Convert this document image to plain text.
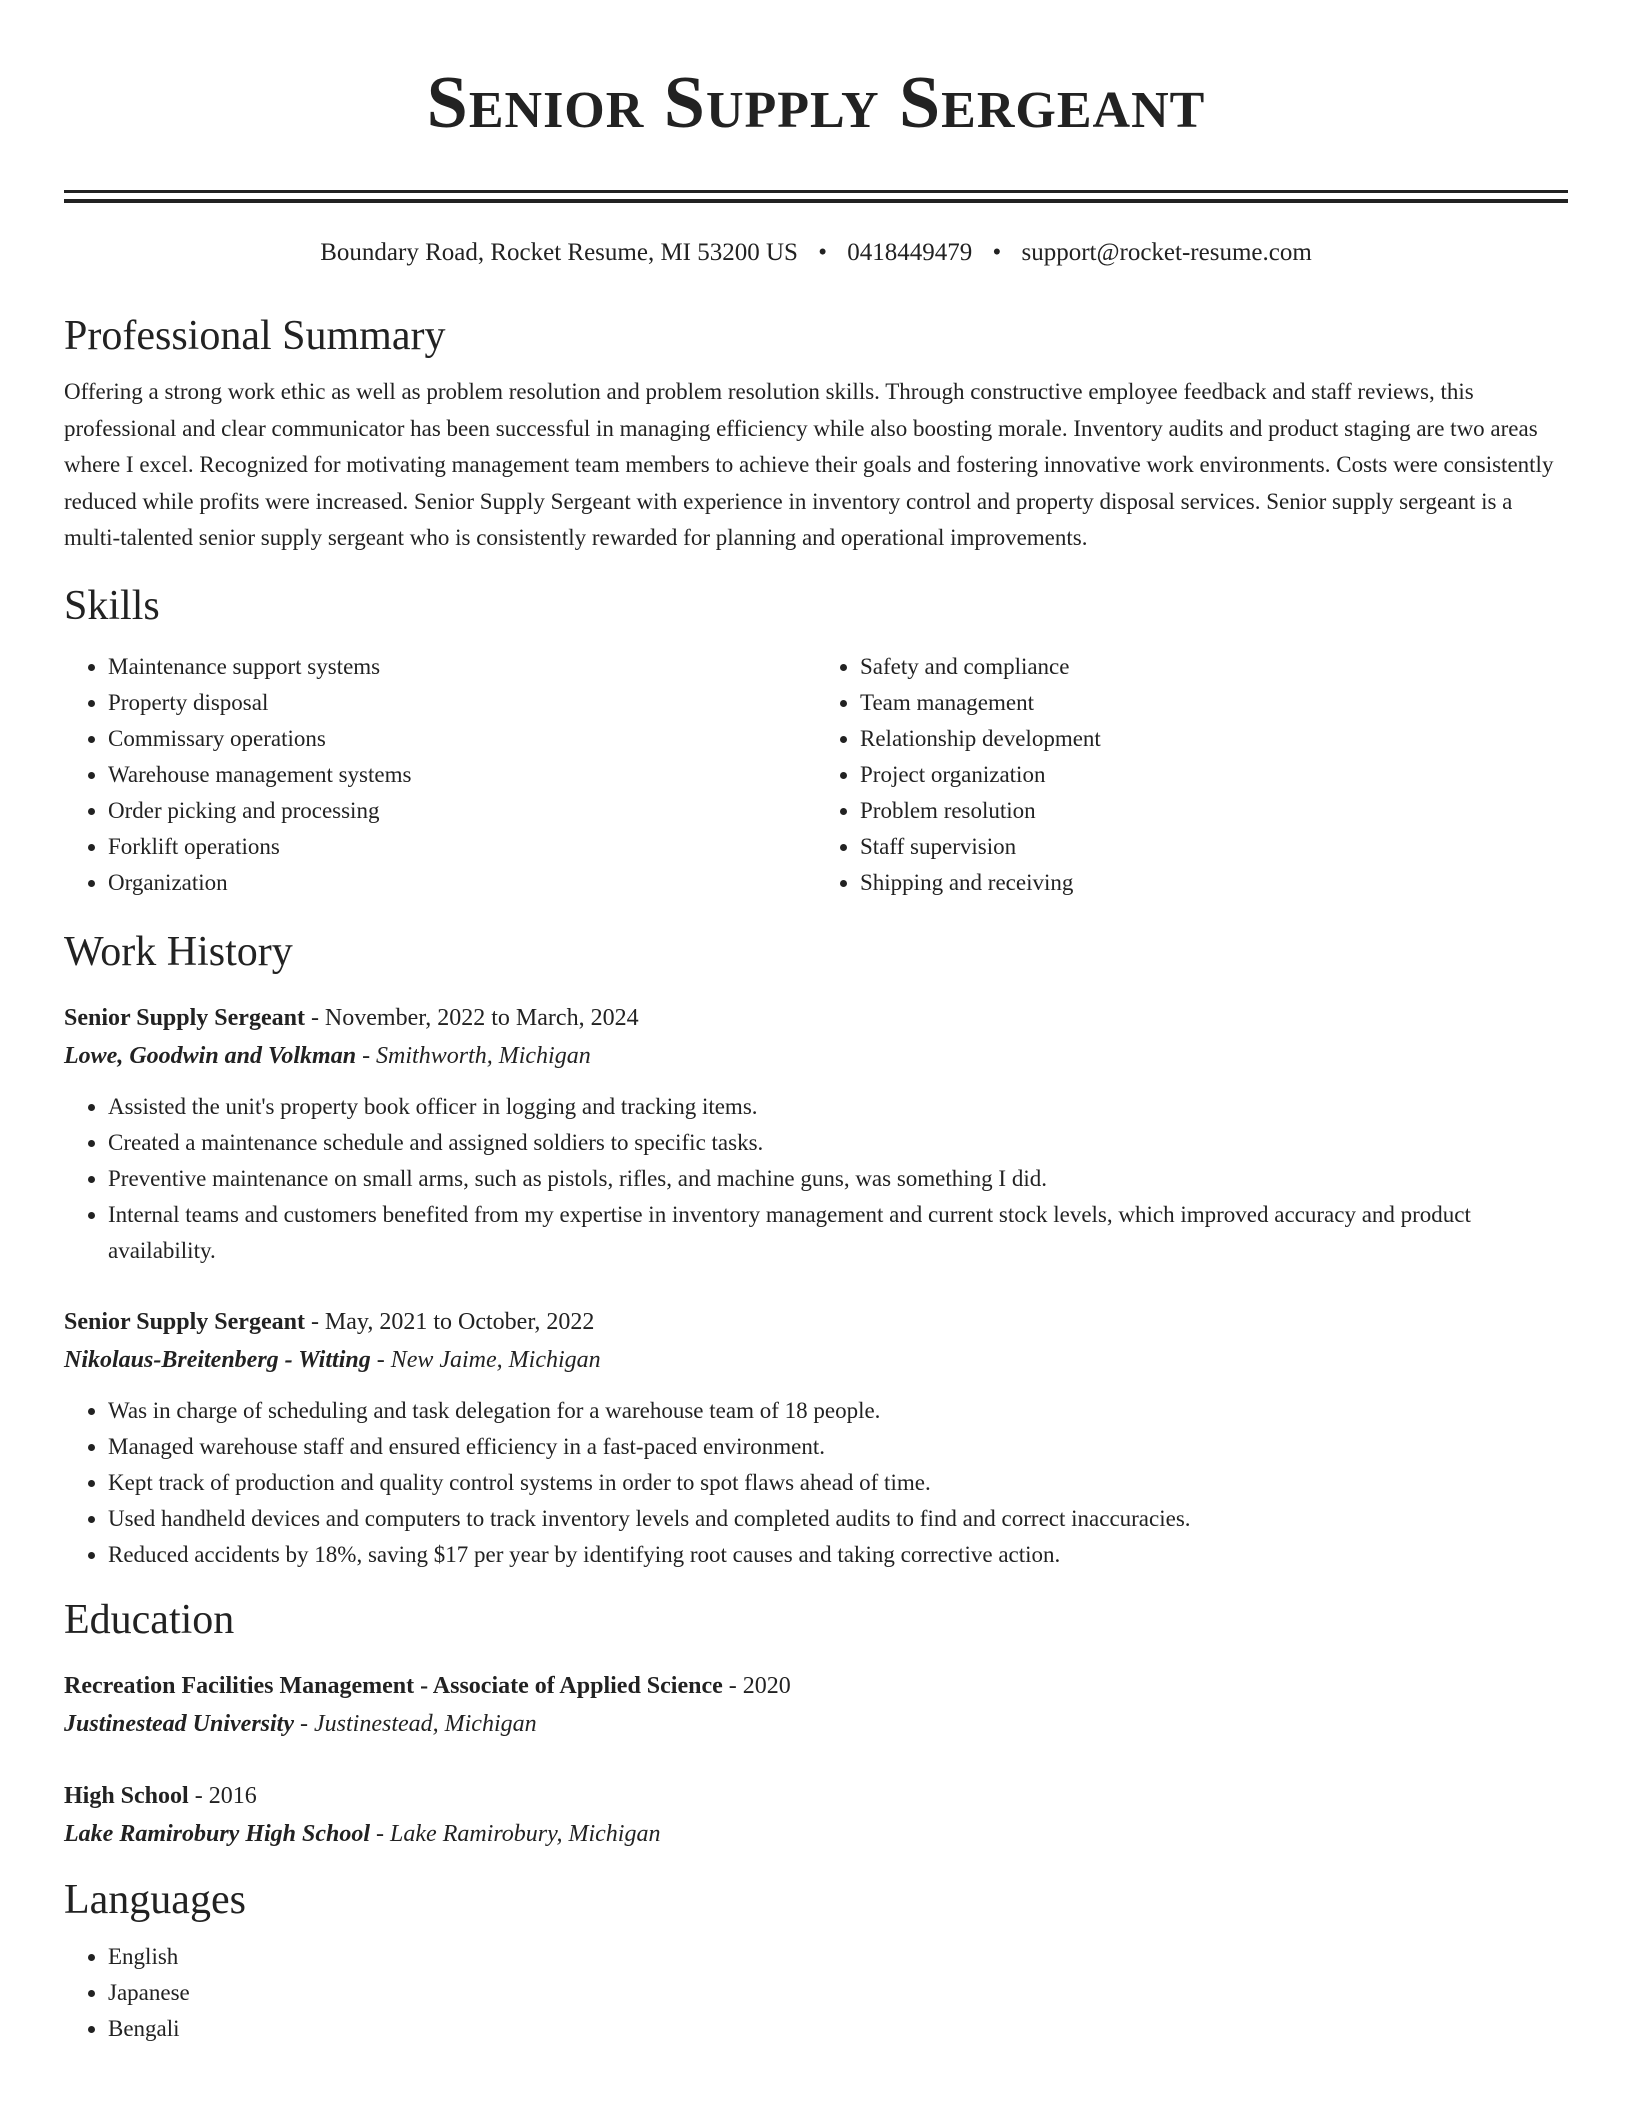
Senior Supply Sergeant
Boundary Road, Rocket Resume, MI 53200 US • 0418449479 • support@rocket-resume.com
Professional Summary
Offering a strong work ethic as well as problem resolution and problem resolution skills. Through constructive employee feedback and staff reviews, this professional and clear communicator has been successful in managing efficiency while also boosting morale. Inventory audits and product staging are two areas where I excel. Recognized for motivating management team members to achieve their goals and fostering innovative work environments. Costs were consistently reduced while profits were increased. Senior Supply Sergeant with experience in inventory control and property disposal services. Senior supply sergeant is a multi-talented senior supply sergeant who is consistently rewarded for planning and operational improvements.
Skills
• Maintenance support systems
• Property disposal
• Commissary operations
• Warehouse management systems
• Order picking and processing
• Forklift operations
• Organization
• Safety and compliance
• Team management
• Relationship development
• Project organization
• Problem resolution
• Staff supervision
• Shipping and receiving
Work History
Senior Supply Sergeant - November, 2022 to March, 2024
Lowe, Goodwin and Volkman - Smithworth, Michigan
• Assisted the unit's property book officer in logging and tracking items.
• Created a maintenance schedule and assigned soldiers to specific tasks.
• Preventive maintenance on small arms, such as pistols, rifles, and machine guns, was something I did.
• Internal teams and customers benefited from my expertise in inventory management and current stock levels, which improved accuracy and product availability.
Senior Supply Sergeant - May, 2021 to October, 2022
Nikolaus-Breitenberg - Witting - New Jaime, Michigan
• Was in charge of scheduling and task delegation for a warehouse team of 18 people.
• Managed warehouse staff and ensured efficiency in a fast-paced environment.
• Kept track of production and quality control systems in order to spot flaws ahead of time.
• Used handheld devices and computers to track inventory levels and completed audits to find and correct inaccuracies.
• Reduced accidents by 18%, saving $17 per year by identifying root causes and taking corrective action.
Education
Recreation Facilities Management - Associate of Applied Science - 2020
Justinestead University - Justinestead, Michigan
High School - 2016
Lake Ramirobury High School - Lake Ramirobury, Michigan
Languages
• English
• Japanese
• Bengali
